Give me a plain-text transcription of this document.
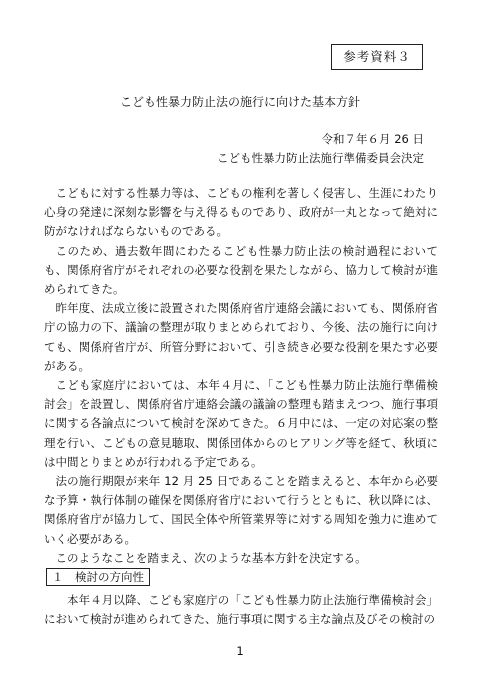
参考資料３
こども性暴力防止法の施行に向けた基本方針
令和７年６月 26 日
こども性暴力防止法施行準備委員会決定

こどもに対する性暴力等は、こどもの権利を著しく侵害し、生涯にわたり心身の発達に深刻な影響を与え得るものであり、政府が一丸となって絶対に防がなければならないものである。

このため、過去数年間にわたるこども性暴力防止法の検討過程においても、関係府省庁がそれぞれの必要な役割を果たしながら、協力して検討が進められてきた。

昨年度、法成立後に設置された関係府省庁連絡会議においても、関係府省庁の協力の下、議論の整理が取りまとめられており、今後、法の施行に向けても、関係府省庁が、所管分野において、引き続き必要な役割を果たす必要がある。

こども家庭庁においては、本年４月に、「こども性暴力防止法施行準備検討会」を設置し、関係府省庁連絡会議の議論の整理も踏まえつつ、施行事項に関する各論点について検討を深めてきた。６月中には、一定の対応案の整理を行い、こどもの意見聴取、関係団体からのヒアリング等を経て、秋頃には中間とりまとめが行われる予定である。

法の施行期限が来年 12 月 25 日であることを踏まえると、本年から必要な予算・執行体制の確保を関係府省庁において行うとともに、秋以降には、関係府省庁が協力して、国民全体や所管業界等に対する周知を強力に進めていく必要がある。

このようなことを踏まえ、次のような基本方針を決定する。

１　検討の方向性

本年４月以降、こども家庭庁の「こども性暴力防止法施行準備検討会」において検討が進められてきた、施行事項に関する主な論点及びその検討の

1
